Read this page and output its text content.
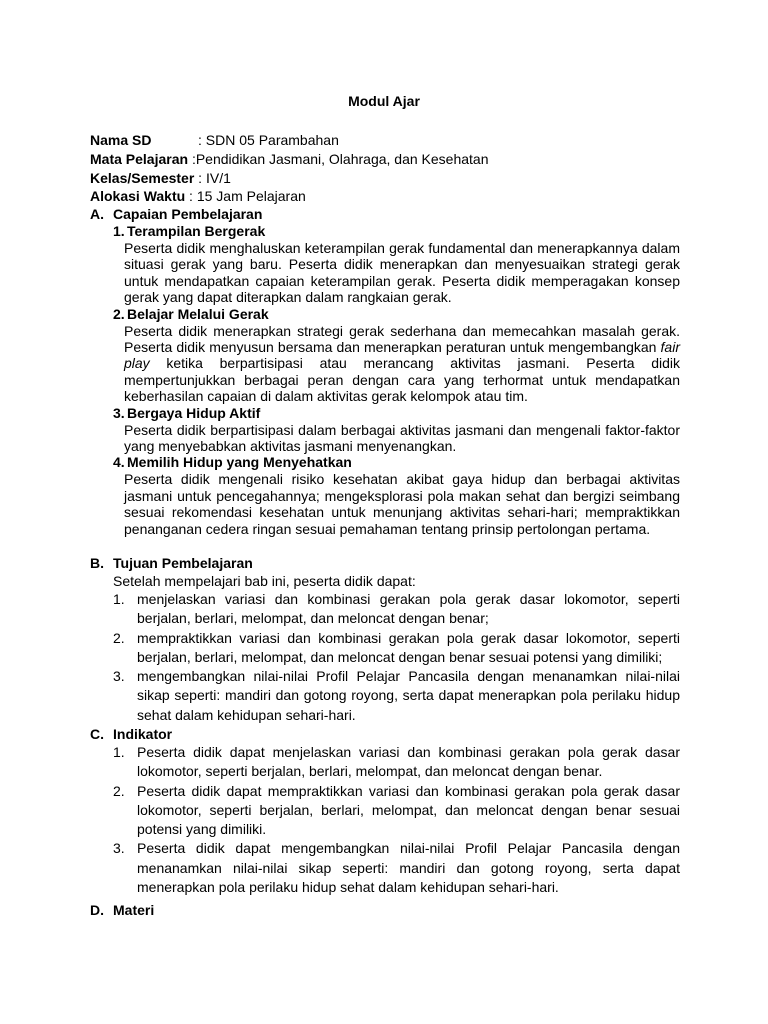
Modul Ajar
Nama SD	: SDN 05 Parambahan
Mata Pelajaran :Pendidikan Jasmani, Olahraga, dan Kesehatan
Kelas/Semester : IV/1
Alokasi Waktu : 15 Jam Pelajaran
A. Capaian Pembelajaran
1. Terampilan Bergerak
Peserta didik menghaluskan keterampilan gerak fundamental dan menerapkannya dalam situasi gerak yang baru. Peserta didik menerapkan dan menyesuaikan strategi gerak untuk mendapatkan capaian keterampilan gerak. Peserta didik memperagakan konsep gerak yang dapat diterapkan dalam rangkaian gerak.
2. Belajar Melalui Gerak
Peserta didik menerapkan strategi gerak sederhana dan memecahkan masalah gerak. Peserta didik menyusun bersama dan menerapkan peraturan untuk mengembangkan fair play ketika berpartisipasi atau merancang aktivitas jasmani. Peserta didik mempertunjukkan berbagai peran dengan cara yang terhormat untuk mendapatkan keberhasilan capaian di dalam aktivitas gerak kelompok atau tim.
3. Bergaya Hidup Aktif
Peserta didik berpartisipasi dalam berbagai aktivitas jasmani dan mengenali faktor-faktor yang menyebabkan aktivitas jasmani menyenangkan.
4. Memilih Hidup yang Menyehatkan
Peserta didik mengenali risiko kesehatan akibat gaya hidup dan berbagai aktivitas jasmani untuk pencegahannya; mengeksplorasi pola makan sehat dan bergizi seimbang sesuai rekomendasi kesehatan untuk menunjang aktivitas sehari-hari; mempraktikkan penanganan cedera ringan sesuai pemahaman tentang prinsip pertolongan pertama.
B. Tujuan Pembelajaran
Setelah mempelajari bab ini, peserta didik dapat:
1. menjelaskan variasi dan kombinasi gerakan pola gerak dasar lokomotor, seperti berjalan, berlari, melompat, dan meloncat dengan benar;
2. mempraktikkan variasi dan kombinasi gerakan pola gerak dasar lokomotor, seperti berjalan, berlari, melompat, dan meloncat dengan benar sesuai potensi yang dimiliki;
3. mengembangkan nilai-nilai Profil Pelajar Pancasila dengan menanamkan nilai-nilai sikap seperti: mandiri dan gotong royong, serta dapat menerapkan pola perilaku hidup sehat dalam kehidupan sehari-hari.
C. Indikator
1. Peserta didik dapat menjelaskan variasi dan kombinasi gerakan pola gerak dasar lokomotor, seperti berjalan, berlari, melompat, dan meloncat dengan benar.
2. Peserta didik dapat mempraktikkan variasi dan kombinasi gerakan pola gerak dasar lokomotor, seperti berjalan, berlari, melompat, dan meloncat dengan benar sesuai potensi yang dimiliki.
3. Peserta didik dapat mengembangkan nilai-nilai Profil Pelajar Pancasila dengan menanamkan nilai-nilai sikap seperti: mandiri dan gotong royong, serta dapat menerapkan pola perilaku hidup sehat dalam kehidupan sehari-hari.
D. Materi
